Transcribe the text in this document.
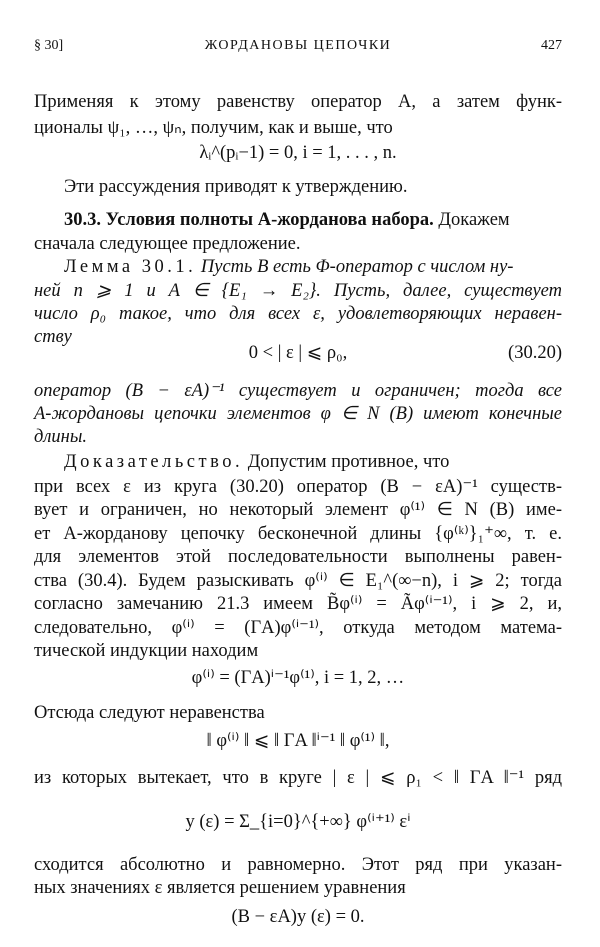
§ 30]	ЖОРДАНОВЫ ЦЕПОЧКИ	427
Применяя к этому равенству оператор A, а затем функ-
ционалы ψ₁, …, ψₙ, получим, как и выше, что
λᵢ^(pᵢ−1) = 0, i = 1, . . . , n.
Эти рассуждения приводят к утверждению.
30.3. Условия полноты A-жорданова набора. Докажем
сначала следующее предложение.
Лемма 30.1. Пусть B есть Φ-оператор с числом ну-
ней n ⩾ 1 и A ∈ {E₁ → E₂}. Пусть, далее, существует
число ρ₀ такое, что для всех ε, удовлетворяющих неравен-
ству
0 < | ε | ⩽ ρ₀,	(30.20)
оператор (B − εA)⁻¹ существует и ограничен; тогда все
A-жордановы цепочки элементов φ ∈ N (B) имеют конечные
длины.
Доказательство. Допустим противное, что
при всех ε из круга (30.20) оператор (B − εA)⁻¹ существ-
вует и ограничен, но некоторый элемент φ⁽¹⁾ ∈ N (B) име-
ет A-жорданову цепочку бесконечной длины {φ⁽ᵏ⁾}₁⁺∞, т. е.
для элементов этой последовательности выполнены равен-
ства (30.4). Будем разыскивать φ⁽ⁱ⁾ ∈ E₁^(∞−n), i ⩾ 2; тогда
согласно замечанию 21.3 имеем B̃φ⁽ⁱ⁾ = Ãφ⁽ⁱ⁻¹⁾, i ⩾ 2, и,
следовательно, φ⁽ⁱ⁾ = (ΓA)φ⁽ⁱ⁻¹⁾, откуда методом матема-
тической индукции находим
φ⁽ⁱ⁾ = (ΓA)ⁱ⁻¹φ⁽¹⁾, i = 1, 2, …
Отсюда следуют неравенства
‖ φ⁽ⁱ⁾ ‖ ⩽ ‖ ΓA ‖ⁱ⁻¹ ‖ φ⁽¹⁾ ‖,
из которых вытекает, что в круге | ε | ⩽ ρ₁ < ‖ ΓA ‖⁻¹ ряд
y (ε) = Σ_{i=0}^{+∞} φ⁽ⁱ⁺¹⁾ εⁱ
сходится абсолютно и равномерно. Этот ряд при указан-
ных значениях ε является решением уравнения
(B − εA)y (ε) = 0.
